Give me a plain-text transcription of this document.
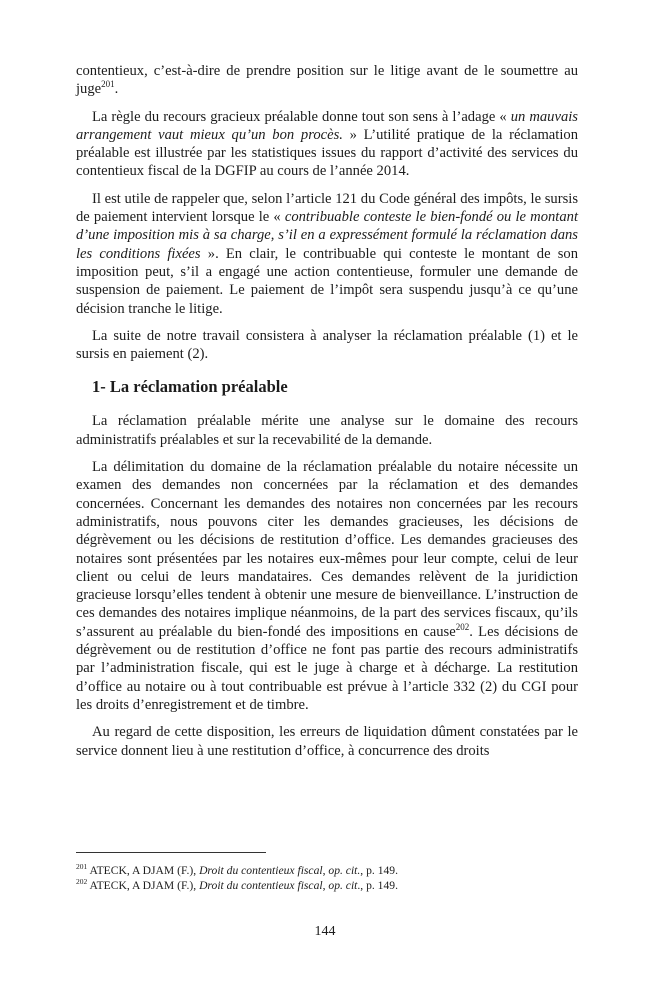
contentieux, c’est-à-dire de prendre position sur le litige avant de le soumettre au juge$^{201}$.

La règle du recours gracieux préalable donne tout son sens à l’adage « un mauvais arrangement vaut mieux qu’un bon procès. » L’utilité pratique de la réclamation préalable est illustrée par les statistiques issues du rapport d’activité des services du contentieux fiscal de la DGFIP au cours de l’année 2014.

Il est utile de rappeler que, selon l’article 121 du Code général des impôts, le sursis de paiement intervient lorsque le « contribuable conteste le bien-fondé ou le montant d’une imposition mis à sa charge, s’il en a expressément formulé la réclamation dans les conditions fixées ». En clair, le contribuable qui conteste le montant de son imposition peut, s’il a engagé une action contentieuse, formuler une demande de suspension de paiement. Le paiement de l’impôt sera suspendu jusqu’à ce qu’une décision tranche le litige.

La suite de notre travail consistera à analyser la réclamation préalable (1) et le sursis en paiement (2).

1- La réclamation préalable

La réclamation préalable mérite une analyse sur le domaine des recours administratifs préalables et sur la recevabilité de la demande.

La délimitation du domaine de la réclamation préalable du notaire nécessite un examen des demandes non concernées par la réclamation et des demandes concernées. Concernant les demandes des notaires non concernées par les recours administratifs, nous pouvons citer les demandes gracieuses, les décisions de dégrèvement ou les décisions de restitution d’office. Les demandes gracieuses des notaires sont présentées par les notaires eux-mêmes pour leur compte, celui de leur client ou celui de leurs mandataires. Ces demandes relèvent de la juridiction gracieuse lorsqu’elles tendent à obtenir une mesure de bienveillance. L’instruction de ces demandes des notaires implique néanmoins, de la part des services fiscaux, qu’ils s’assurent au préalable du bien-fondé des impositions en cause$^{202}$. Les décisions de dégrèvement ou de restitution d’office ne font pas partie des recours administratifs par l’administration fiscale, qui est le juge à charge et à décharge. La restitution d’office au notaire ou à tout contribuable est prévue à l’article 332 (2) du CGI pour les droits d’enregistrement et de timbre.

Au regard de cette disposition, les erreurs de liquidation dûment constatées par le service donnent lieu à une restitution d’office, à concurrence des droits

$^{201}$ ATECK, A DJAM (F.), Droit du contentieux fiscal, op. cit., p. 149.
$^{202}$ ATECK, A DJAM (F.), Droit du contentieux fiscal, op. cit., p. 149.
144
